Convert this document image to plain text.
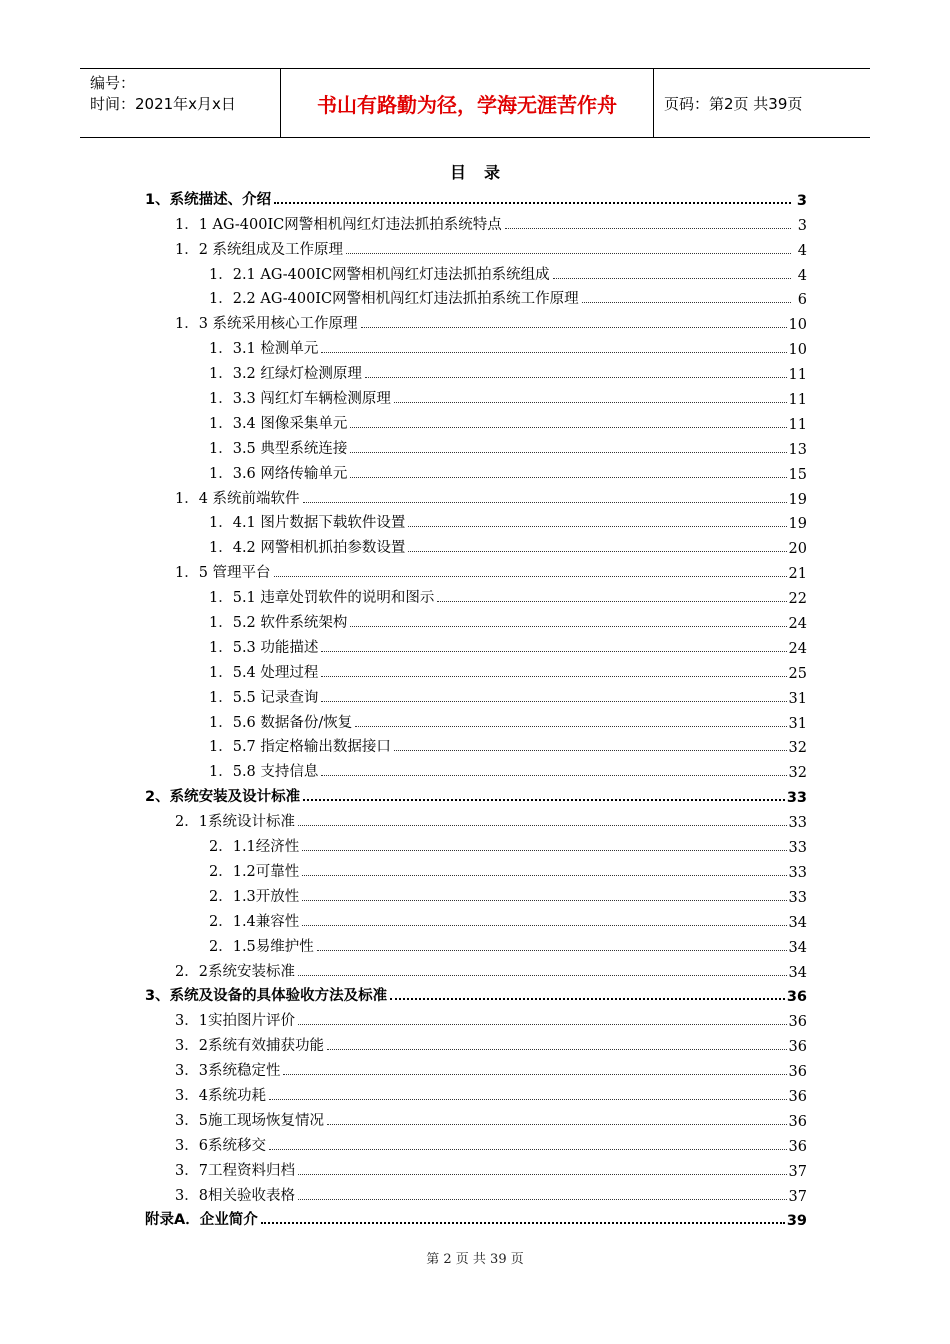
编号：
时间：2021年x月x日	书山有路勤为径，学海无涯苦作舟	页码：第2页 共39页
目录
1、系统描述、介绍	3
1．1 AG-400IC网警相机闯红灯违法抓拍系统特点	3
1．2 系统组成及工作原理	4
1．2.1 AG-400IC网警相机闯红灯违法抓拍系统组成	4
1．2.2 AG-400IC网警相机闯红灯违法抓拍系统工作原理	6
1．3 系统采用核心工作原理	10
1．3.1 检测单元	10
1．3.2 红绿灯检测原理	11
1．3.3 闯红灯车辆检测原理	11
1．3.4 图像采集单元	11
1．3.5 典型系统连接	13
1．3.6 网络传输单元	15
1．4 系统前端软件	19
1．4.1 图片数据下载软件设置	19
1．4.2 网警相机抓拍参数设置	20
1．5 管理平台	21
1．5.1 违章处罚软件的说明和图示	22
1．5.2 软件系统架构	24
1．5.3 功能描述	24
1．5.4 处理过程	25
1．5.5 记录查询	31
1．5.6 数据备份/恢复	31
1．5.7 指定格输出数据接口	32
1．5.8 支持信息	32
2、系统安装及设计标准	33
2．1系统设计标准	33
2．1.1经济性	33
2．1.2可靠性	33
2．1.3开放性	33
2．1.4兼容性	34
2．1.5易维护性	34
2．2系统安装标准	34
3、系统及设备的具体验收方法及标准	36
3．1实拍图片评价	36
3．2系统有效捕获功能	36
3．3系统稳定性	36
3．4系统功耗	36
3．5施工现场恢复情况	36
3．6系统移交	36
3．7工程资料归档	37
3．8相关验收表格	37
附录A．企业简介	39
第 2 页 共 39 页
